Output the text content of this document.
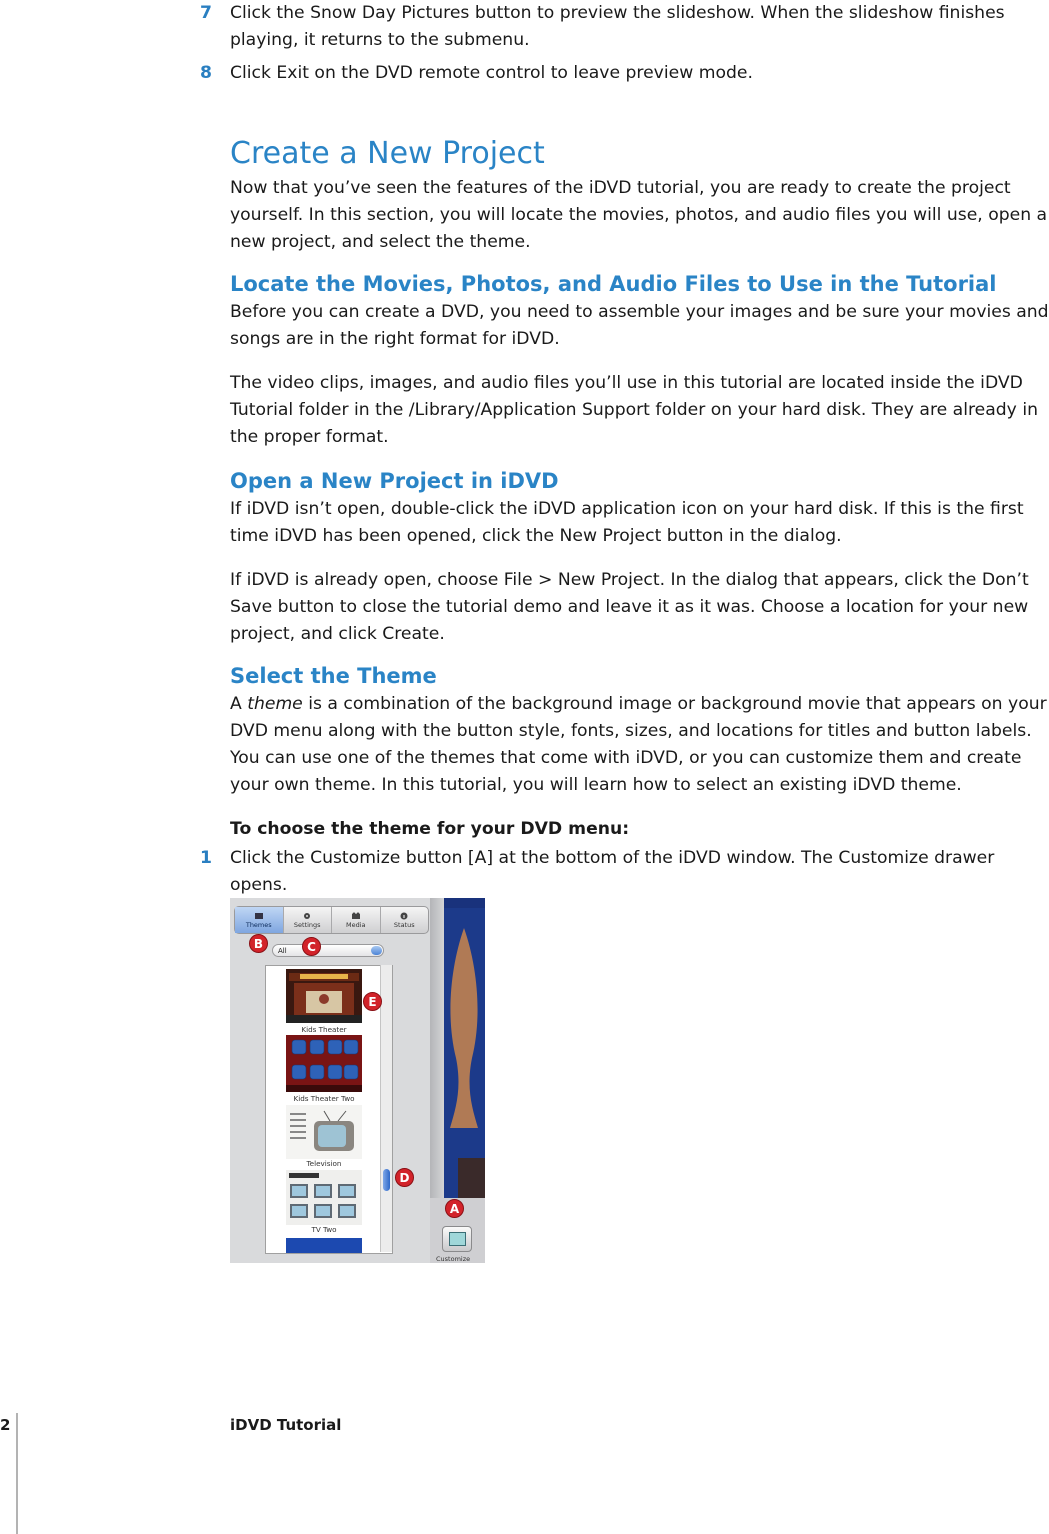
7	Click the Snow Day Pictures button to preview the slideshow. When the slideshow finishes playing, it returns to the submenu.
8	Click Exit on the DVD remote control to leave preview mode.
Create a New Project

Now that you’ve seen the features of the iDVD tutorial, you are ready to create the project yourself. In this section, you will locate the movies, photos, and audio files you will use, open a new project, and select the theme.

Locate the Movies, Photos, and Audio Files to Use in the Tutorial

Before you can create a DVD, you need to assemble your images and be sure your movies and songs are in the right format for iDVD.

The video clips, images, and audio files you’ll use in this tutorial are located inside the iDVD Tutorial folder in the /Library/Application Support folder on your hard disk. They are already in the proper format.

Open a New Project in iDVD

If iDVD isn’t open, double-click the iDVD application icon on your hard disk. If this is the first time iDVD has been opened, click the New Project button in the dialog.

If iDVD is already open, choose File > New Project. In the dialog that appears, click the Don’t Save button to close the tutorial demo and leave it as it was. Choose a location for your new project, and click Create.

Select the Theme

A theme is a combination of the background image or background movie that appears on your DVD menu along with the button style, fonts, sizes, and locations for titles and button labels. You can use one of the themes that come with iDVD, or you can customize them and create your own theme. In this tutorial, you will learn how to select an existing iDVD theme.

To choose the theme for your DVD menu:
1	Click the Customize button [A] at the bottom of the iDVD window. The Customize drawer opens.
Themes	Settings	Media	Status
All
Kids Theater
Kids Theater Two
Television
TV Two
Customize
A
B	C
D
E
2	iDVD Tutorial
